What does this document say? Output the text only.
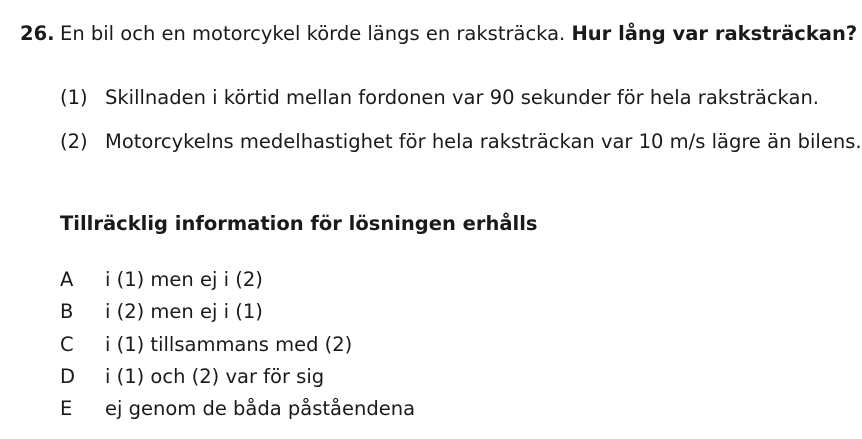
26. En bil och en motorcykel körde längs en raksträcka. Hur lång var raksträckan?
(1) Skillnaden i körtid mellan fordonen var 90 sekunder för hela raksträckan.
(2) Motorcykelns medelhastighet för hela raksträckan var 10 m/s lägre än bilens.
Tillräcklig information för lösningen erhålls
A i (1) men ej i (2)
B i (2) men ej i (1)
C i (1) tillsammans med (2)
D i (1) och (2) var för sig
E ej genom de båda påståendena
